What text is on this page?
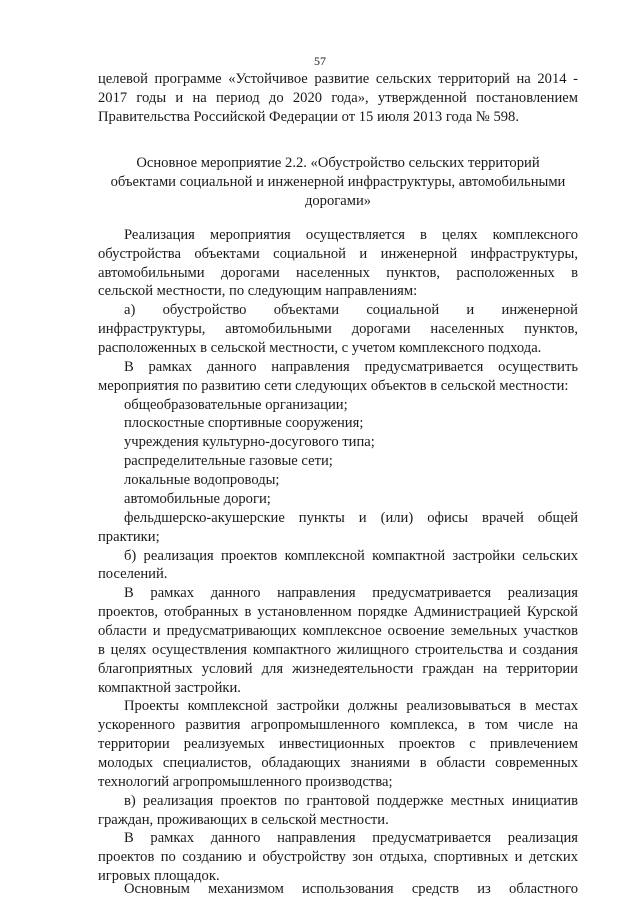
57
целевой программе «Устойчивое развитие сельских территорий на 2014 -
2017 годы и на период до 2020 года», утвержденной постановлением
Правительства Российской Федерации от 15 июля 2013 года № 598.
Основное мероприятие 2.2. «Обустройство сельских территорий
объектами социальной и инженерной инфраструктуры, автомобильными
дорогами»
Реализация мероприятия осуществляется в целях комплексного
обустройства объектами социальной и инженерной инфраструктуры,
автомобильными дорогами населенных пунктов, расположенных в
сельской местности, по следующим направлениям:
а) обустройство объектами социальной и инженерной
инфраструктуры, автомобильными дорогами населенных пунктов,
расположенных в сельской местности, с учетом комплексного подхода.
В рамках данного направления предусматривается осуществить
мероприятия по развитию сети следующих объектов в сельской местности:
общеобразовательные организации;
плоскостные спортивные сооружения;
учреждения культурно-досугового типа;
распределительные газовые сети;
локальные водопроводы;
автомобильные дороги;
фельдшерско-акушерские пункты и (или) офисы врачей общей
практики;
б) реализация проектов комплексной компактной застройки сельских
поселений.
В рамках данного направления предусматривается реализация
проектов, отобранных в установленном порядке Администрацией Курской
области и предусматривающих комплексное освоение земельных участков
в целях осуществления компактного жилищного строительства и создания
благоприятных условий для жизнедеятельности граждан на территории
компактной застройки.
Проекты комплексной застройки должны реализовываться в местах
ускоренного развития агропромышленного комплекса, в том числе на
территории реализуемых инвестиционных проектов с привлечением
молодых специалистов, обладающих знаниями в области современных
технологий агропромышленного производства;
в) реализация проектов по грантовой поддержке местных инициатив
граждан, проживающих в сельской местности.
В рамках данного направления предусматривается реализация
проектов по созданию и обустройству зон отдыха, спортивных и детских
игровых площадок.
Основным механизмом использования средств из областного
